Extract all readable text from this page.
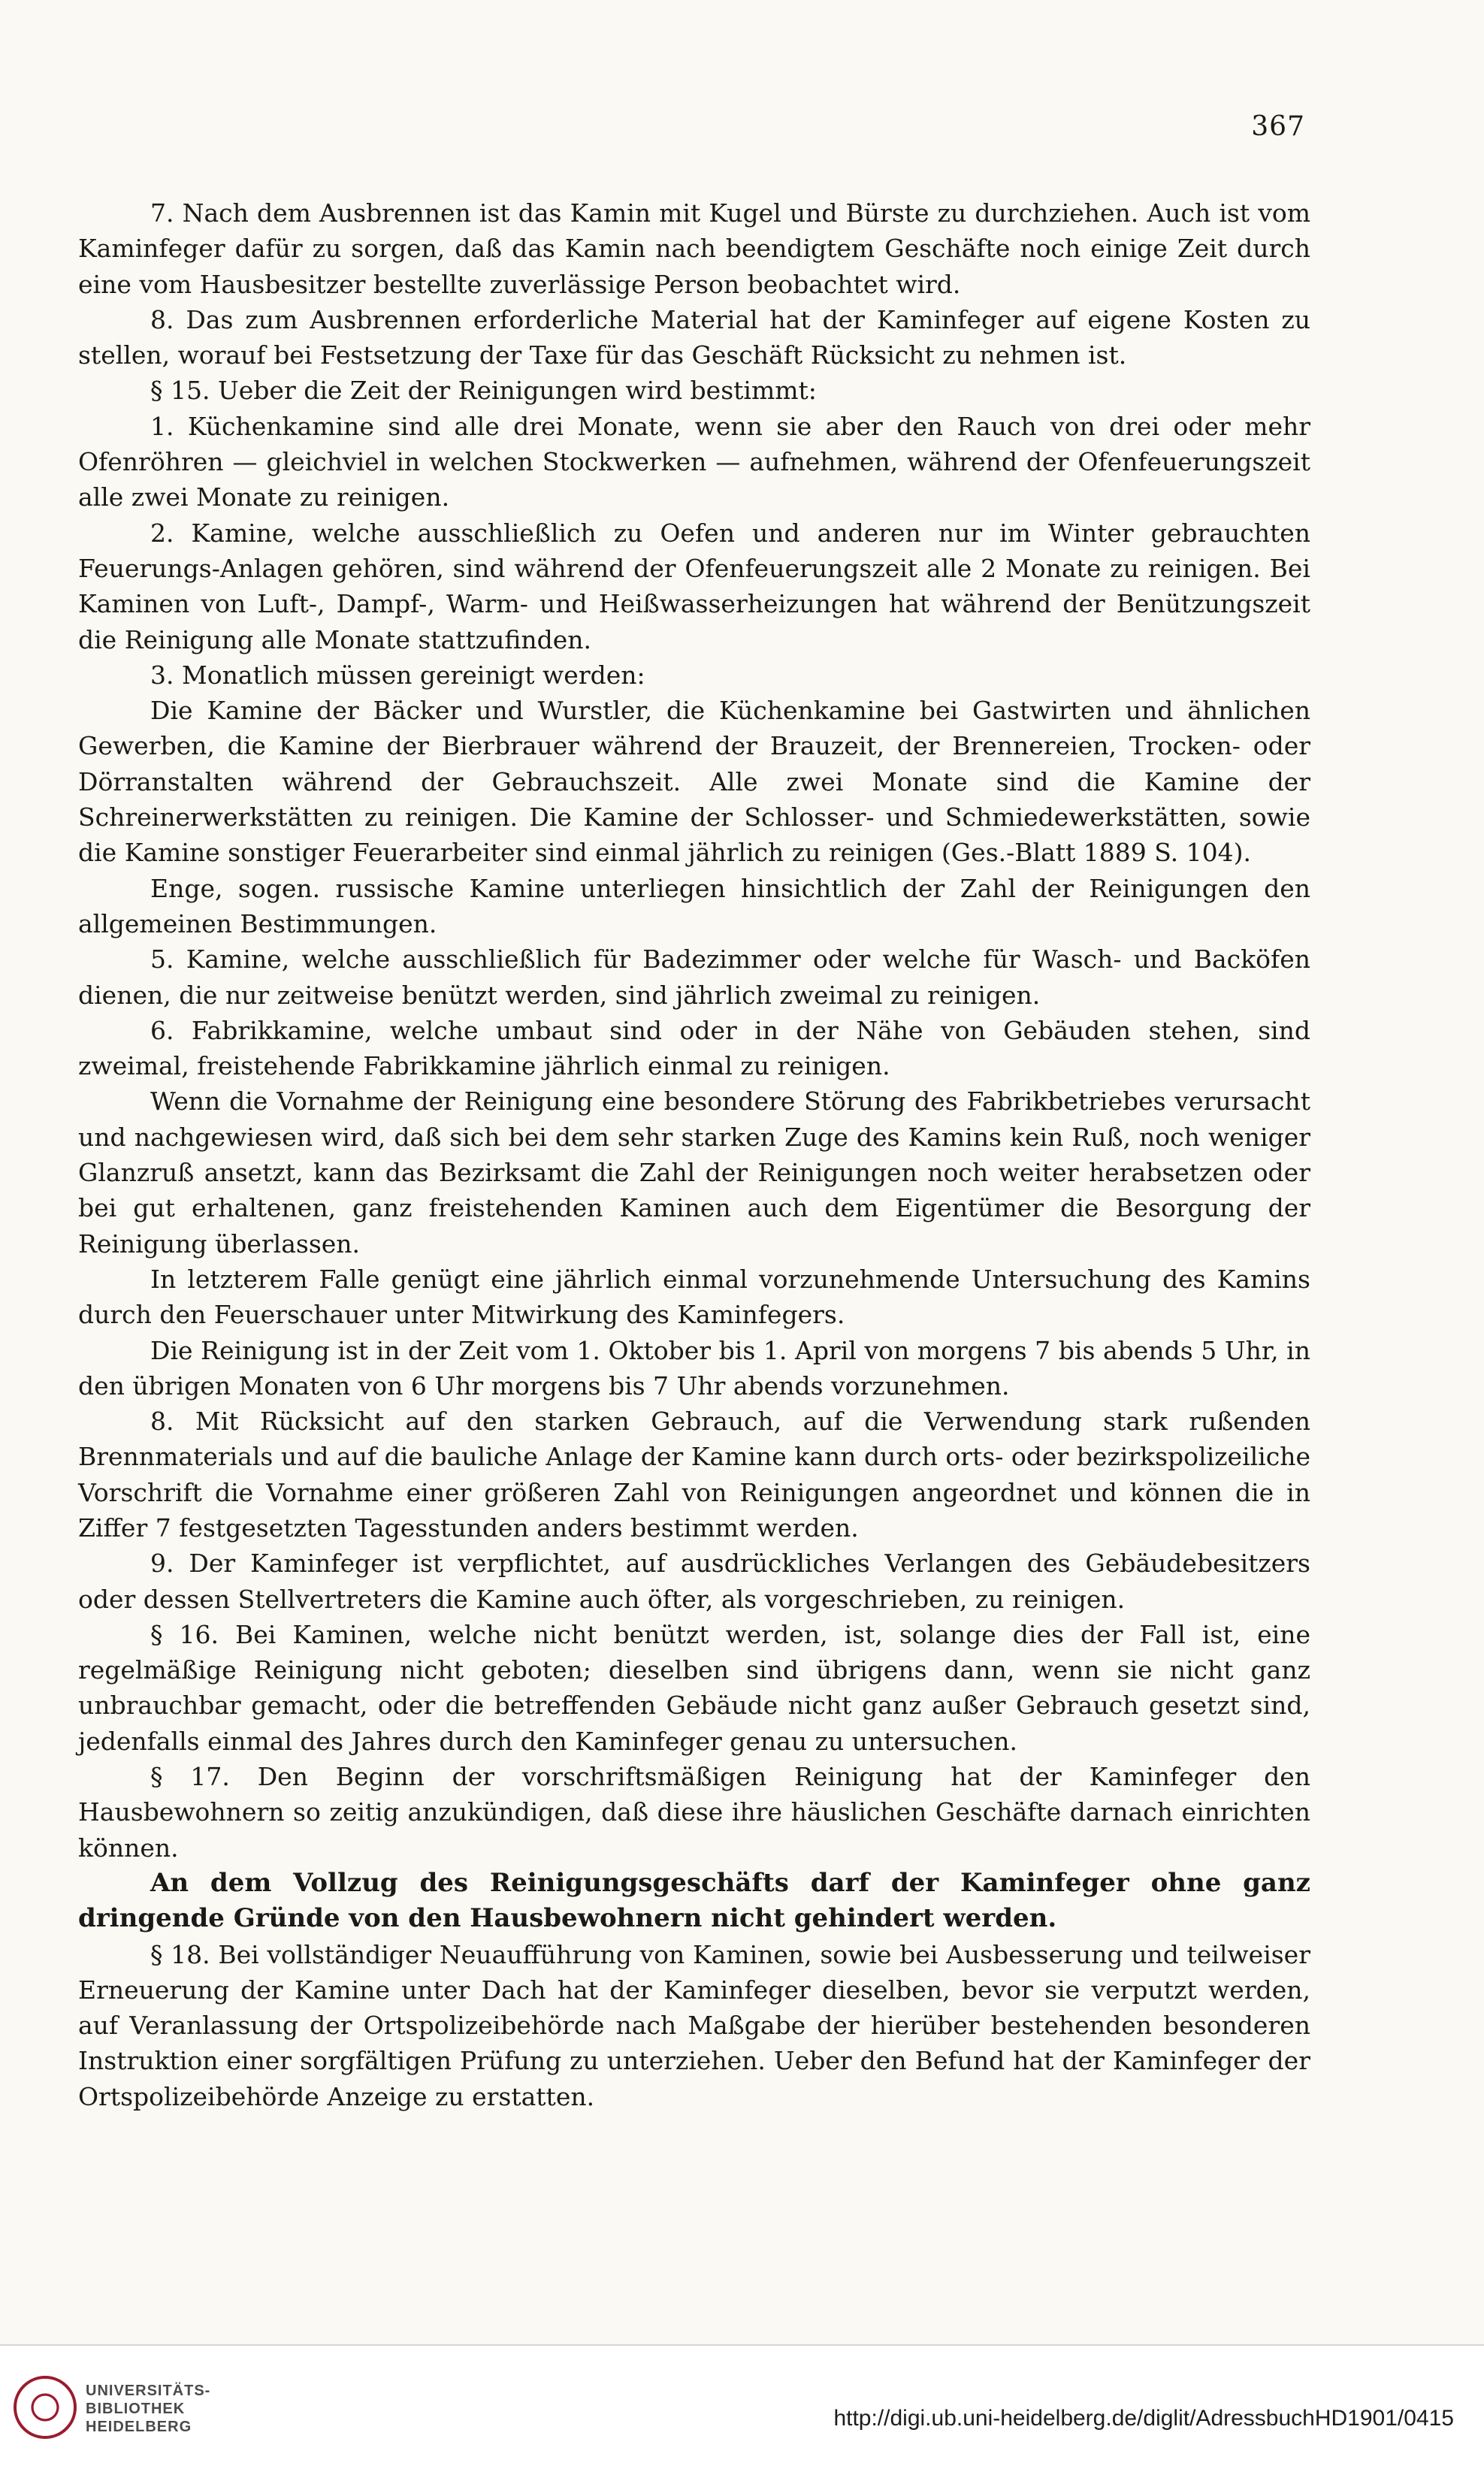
367

7. Nach dem Ausbrennen ist das Kamin mit Kugel und Bürste zu durchziehen. Auch ist vom Kaminfeger dafür zu sorgen, daß das Kamin nach beendigtem Geschäfte noch einige Zeit durch eine vom Hausbesitzer bestellte zuverlässige Person beobachtet wird.

8. Das zum Ausbrennen erforderliche Material hat der Kaminfeger auf eigene Kosten zu stellen, worauf bei Festsetzung der Taxe für das Geschäft Rücksicht zu nehmen ist.

§ 15. Ueber die Zeit der Reinigungen wird bestimmt:

1. Küchenkamine sind alle drei Monate, wenn sie aber den Rauch von drei oder mehr Ofenröhren — gleichviel in welchen Stockwerken — aufnehmen, während der Ofenfeuerungszeit alle zwei Monate zu reinigen.

2. Kamine, welche ausschließlich zu Oefen und anderen nur im Winter gebrauchten Feuerungs-Anlagen gehören, sind während der Ofenfeuerungszeit alle 2 Monate zu reinigen. Bei Kaminen von Luft-, Dampf-, Warm- und Heißwasserheizungen hat während der Benützungszeit die Reinigung alle Monate stattzufinden.

3. Monatlich müssen gereinigt werden:

Die Kamine der Bäcker und Wurstler, die Küchenkamine bei Gastwirten und ähnlichen Gewerben, die Kamine der Bierbrauer während der Brauzeit, der Brennereien, Trocken- oder Dörranstalten während der Gebrauchszeit. Alle zwei Monate sind die Kamine der Schreinerwerkstätten zu reinigen. Die Kamine der Schlosser- und Schmiedewerkstätten, sowie die Kamine sonstiger Feuerarbeiter sind einmal jährlich zu reinigen (Ges.-Blatt 1889 S. 104).

Enge, sogen. russische Kamine unterliegen hinsichtlich der Zahl der Reinigungen den allgemeinen Bestimmungen.

5. Kamine, welche ausschließlich für Badezimmer oder welche für Wasch- und Backöfen dienen, die nur zeitweise benützt werden, sind jährlich zweimal zu reinigen.

6. Fabrikkamine, welche umbaut sind oder in der Nähe von Gebäuden stehen, sind zweimal, freistehende Fabrikkamine jährlich einmal zu reinigen.

Wenn die Vornahme der Reinigung eine besondere Störung des Fabrikbetriebes verursacht und nachgewiesen wird, daß sich bei dem sehr starken Zuge des Kamins kein Ruß, noch weniger Glanzruß ansetzt, kann das Bezirksamt die Zahl der Reinigungen noch weiter herabsetzen oder bei gut erhaltenen, ganz freistehenden Kaminen auch dem Eigentümer die Besorgung der Reinigung überlassen.

In letzterem Falle genügt eine jährlich einmal vorzunehmende Untersuchung des Kamins durch den Feuerschauer unter Mitwirkung des Kaminfegers.

Die Reinigung ist in der Zeit vom 1. Oktober bis 1. April von morgens 7 bis abends 5 Uhr, in den übrigen Monaten von 6 Uhr morgens bis 7 Uhr abends vorzunehmen.

8. Mit Rücksicht auf den starken Gebrauch, auf die Verwendung stark rußenden Brennmaterials und auf die bauliche Anlage der Kamine kann durch orts- oder bezirkspolizeiliche Vorschrift die Vornahme einer größeren Zahl von Reinigungen angeordnet und können die in Ziffer 7 festgesetzten Tagesstunden anders bestimmt werden.

9. Der Kaminfeger ist verpflichtet, auf ausdrückliches Verlangen des Gebäudebesitzers oder dessen Stellvertreters die Kamine auch öfter, als vorgeschrieben, zu reinigen.

§ 16. Bei Kaminen, welche nicht benützt werden, ist, solange dies der Fall ist, eine regelmäßige Reinigung nicht geboten; dieselben sind übrigens dann, wenn sie nicht ganz unbrauchbar gemacht, oder die betreffenden Gebäude nicht ganz außer Gebrauch gesetzt sind, jedenfalls einmal des Jahres durch den Kaminfeger genau zu untersuchen.

§ 17. Den Beginn der vorschriftsmäßigen Reinigung hat der Kaminfeger den Hausbewohnern so zeitig anzukündigen, daß diese ihre häuslichen Geschäfte darnach einrichten können.

An dem Vollzug des Reinigungsgeschäfts darf der Kaminfeger ohne ganz dringende Gründe von den Hausbewohnern nicht gehindert werden.

§ 18. Bei vollständiger Neuaufführung von Kaminen, sowie bei Ausbesserung und teilweiser Erneuerung der Kamine unter Dach hat der Kaminfeger dieselben, bevor sie verputzt werden, auf Veranlassung der Ortspolizeibehörde nach Maßgabe der hierüber bestehenden besonderen Instruktion einer sorgfältigen Prüfung zu unterziehen. Ueber den Befund hat der Kaminfeger der Ortspolizeibehörde Anzeige zu erstatten.

UNIVERSITÄTS-
BIBLIOTHEK
HEIDELBERG	http://digi.ub.uni-heidelberg.de/diglit/AdressbuchHD1901/0415
